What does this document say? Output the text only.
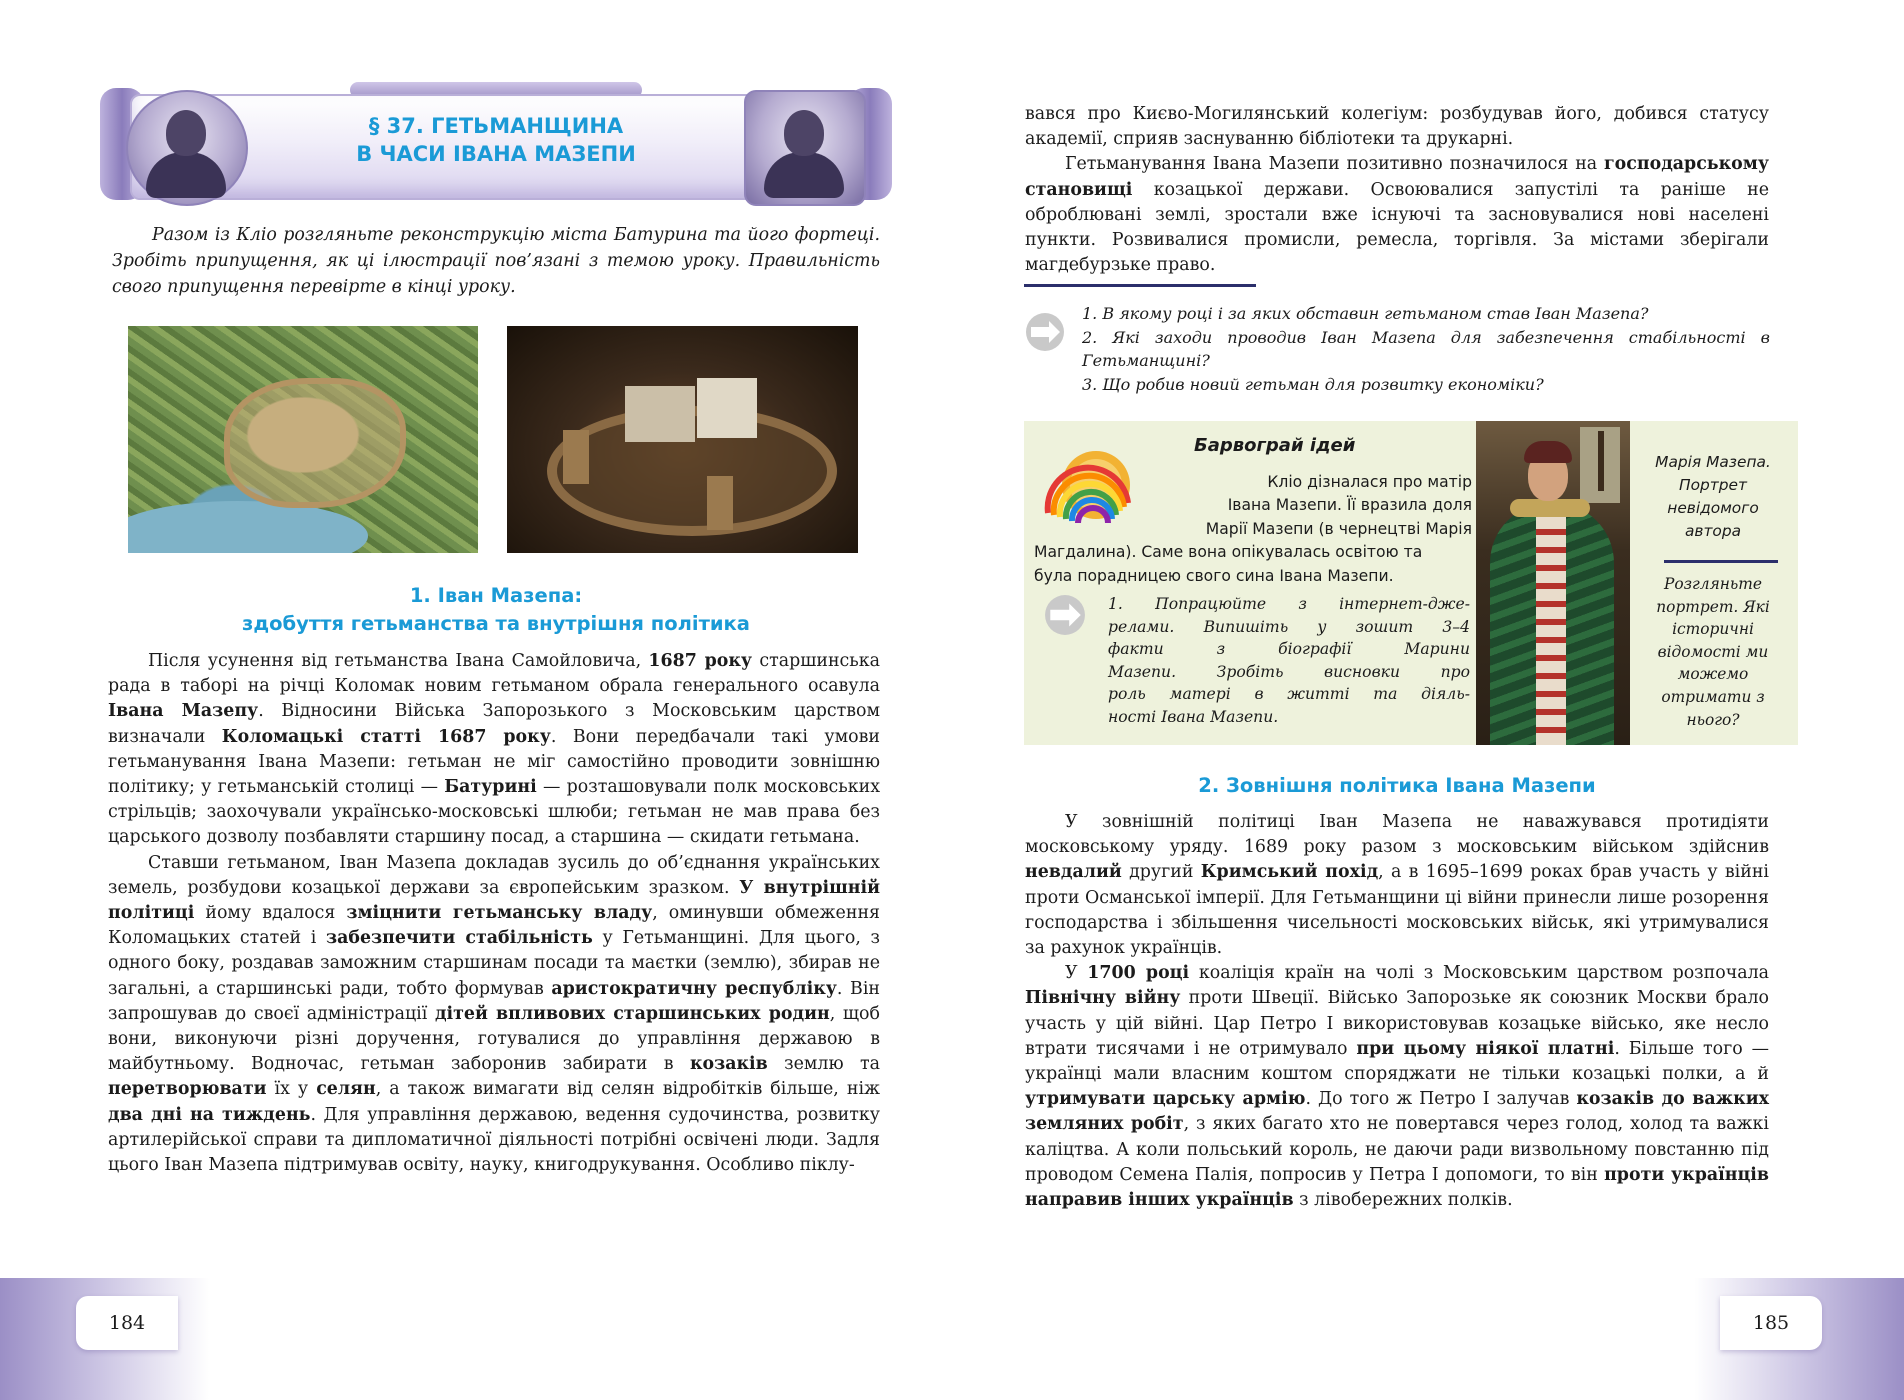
§ 37. ГЕТЬМАНЩИНА
В ЧАСИ ІВАНА МАЗЕПИ
Разом із Кліо розгляньте реконструкцію міста Батурина та його фортеці. Зробіть припущення, як ці ілюстрації пов’язані з темою уроку. Правильність свого припущення перевірте в кінці уроку.
1. Іван Мазепа:
здобуття гетьманства та внутрішня політика

Після усунення від гетьманства Івана Самойловича, 1687 року старшинська рада в таборі на річці Коломак новим гетьманом обрала генерального осавула Івана Мазепу. Відносини Війська Запорозького з Московським царством визначали Коломацькі статті 1687 року. Вони передбачали такі умови гетьманування Івана Мазепи: гетьман не міг самостійно проводити зовнішню політику; у гетьманській столиці — Батурині — розташовували полк московських стрільців; заохочували українсько-московські шлюби; гетьман не мав права без царського дозволу позбавляти старшину посад, а старшина — скидати гетьмана.

Ставши гетьманом, Іван Мазепа докладав зусиль до об’єднання українських земель, розбудови козацької держави за європейським зразком. У внутрішній політиці йому вдалося зміцнити гетьманську владу, оминувши обмеження Коломацьких статей і забезпечити стабільність у Гетьманщині. Для цього, з одного боку, роздавав заможним старшинам посади та маєтки (землю), збирав не загальні, а старшинські ради, тобто формував аристократичну республіку. Він запрошував до своєї адміністрації дітей впливових старшинських родин, щоб вони, виконуючи різні доручення, готувалися до управління державою в майбутньому. Водночас, гетьман заборонив забирати в козаків землю та перетворювати їх у селян, а також вимагати від селян відробітків більше, ніж два дні на тиждень. Для управління державою, ведення судочинства, розвитку артилерійської справи та дипломатичної діяльності потрібні освічені люди. Задля цього Іван Мазепа підтримував освіту, науку, книгодрукування. Особливо піклу-

184

вався про Києво-Могилянський колегіум: розбудував його, добився статусу академії, сприяв заснуванню бібліотеки та друкарні.

Гетьманування Івана Мазепи позитивно позначилося на господарському становищі козацької держави. Освоювалися запустілі та раніше не оброблювані землі, зростали вже існуючі та засновувалися нові населені пункти. Розвивалися промисли, ремесла, торгівля. За містами зберігали магдебурзьке право.

1. В якому році і за яких обставин гетьманом став Іван Мазепа?
2. Які заходи проводив Іван Мазепа для забезпечення стабільності в Гетьманщині?
3. Що робив новий гетьман для розвитку економіки?
Барвограй ідей
Кліо дізналася про матір
Івана Мазепи. Її вразила доля
Марії Мазепи (в чернецтві Марія
Магдалина). Саме вона опікувалась освітою та
була порадницею свого сина Івана Мазепи.
1. Попрацюйте з інтернет-дже-
релами. Випишіть у зошит 3–4
факти з біографії Марини
Мазепи. Зробіть висновки про
роль матері в житті та діяль-
ності Івана Мазепи.
Марія Мазепа.
Портрет
невідомого
автора
Розгляньте
портрет. Які
історичні
відомості ми
можемо
отримати з
нього?
2. Зовнішня політика Івана Мазепи

У зовнішній політиці Іван Мазепа не наважувався протидіяти московському уряду. 1689 року разом з московським військом здійснив невдалий другий Кримський похід, а в 1695–1699 роках брав участь у війні проти Османської імперії. Для Гетьманщини ці війни принесли лише розорення господарства і збільшення чисельності московських військ, які утримувалися за рахунок українців.

У 1700 році коаліція країн на чолі з Московським царством розпочала Північну війну проти Швеції. Військо Запорозьке як союзник Москви брало участь у цій війні. Цар Петро І використовував козацьке військо, яке несло втрати тисячами і не отримувало при цьому ніякої платні. Більше того — українці мали власним коштом споряджати не тільки козацькі полки, а й утримувати царську армію. До того ж Петро І залучав козаків до важких земляних робіт, з яких багато хто не повертався через голод, холод та важкі каліцтва. А коли польський король, не даючи ради визвольному повстанню під проводом Семена Палія, попросив у Петра І допомоги, то він проти українців направив інших українців з лівобережних полків.

185
